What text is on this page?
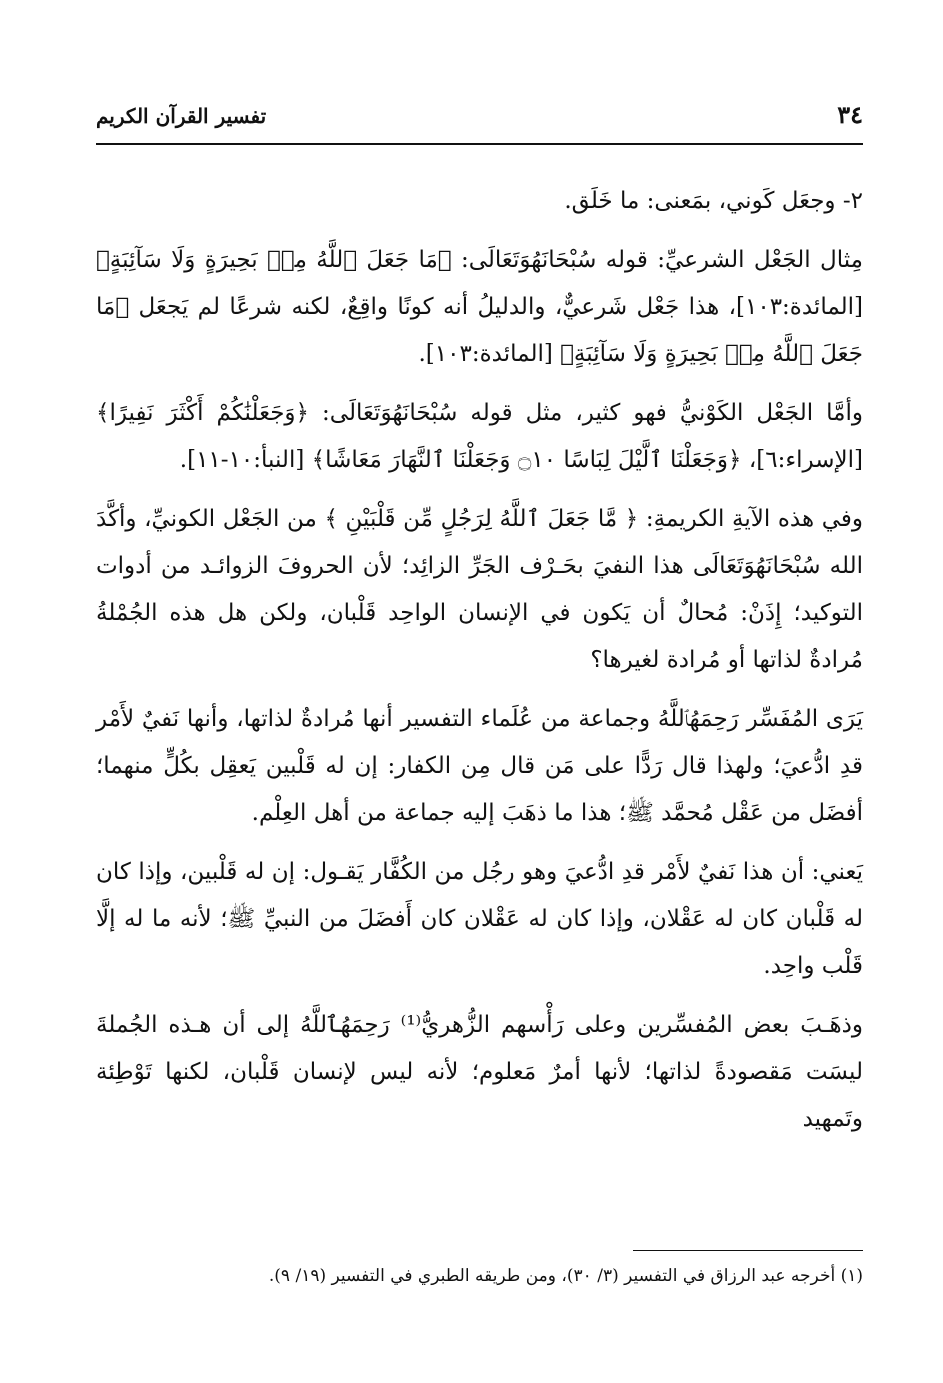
٣٤
تفسير القرآن الكريم

٢- وجعَل كَوني، بمَعنى: ما خَلَق.

مِثال الجَعْل الشرعيِّ: قوله سُبْحَانَهُوَتَعَالَى: ﴿مَا جَعَلَ ٱللَّهُ مِنۢ بَحِيرَةٍ وَلَا سَآئِبَةٍ﴾ [المائدة:١٠٣]، هذا جَعْل شَرعيٌّ، والدليلُ أنه كونًا واقِعٌ، لكنه شرعًا لم يَجعَل ﴿مَا جَعَلَ ٱللَّهُ مِنۢ بَحِيرَةٍ وَلَا سَآئِبَةٍ﴾ [المائدة:١٠٣].

وأمَّا الجَعْل الكَوْنيُّ فهو كثير، مثل قوله سُبْحَانَهُوَتَعَالَى: ﴿وَجَعَلْنَٰكُمْ أَكْثَرَ نَفِيرًا﴾ [الإسراء:٦]، ﴿وَجَعَلْنَا ٱلَّيْلَ لِبَاسًا ۝١٠ وَجَعَلْنَا ٱلنَّهَارَ مَعَاشًا﴾ [النبأ:١٠-١١].

وفي هذه الآيةِ الكريمةِ: ﴿ مَّا جَعَلَ ٱللَّهُ لِرَجُلٍ مِّن قَلْبَيْنِ ﴾ من الجَعْل الكونيِّ، وأكَّدَ الله سُبْحَانَهُوَتَعَالَى هذا النفيَ بحَـرْف الجَرِّ الزائِد؛ لأن الحروفَ الزوائـد من أدوات التوكيد؛ إِذَنْ: مُحالٌ أن يَكون في الإنسان الواحِد قَلْبان، ولكن هل هذه الجُمْلةُ مُرادةٌ لذاتها أو مُرادة لغيرها؟

يَرَى المُفَسِّر رَحِمَهُٱللَّهُ وجماعة من عُلَماء التفسير أنها مُرادةٌ لذاتها، وأنها نَفيٌ لأَمْر قدِ ادُّعيَ؛ ولهذا قال رَدًّا على مَن قال مِن الكفار: إن له قَلْبين يَعقِل بكُلٍّ منهما؛ أفضَل من عَقْل مُحمَّد ﷺ؛ هذا ما ذهَبَ إليه جماعة من أهل العِلْم.

يَعني: أن هذا نَفيٌ لأَمْر قدِ ادُّعيَ وهو رجُل من الكُفَّار يَقـول: إن له قَلْبين، وإذا كان له قَلْبان كان له عَقْلان، وإذا كان له عَقْلان كان أَفضَلَ من النبيِّ ﷺ؛ لأنه ما له إلَّا قَلْب واحِد.

وذهَـبَ بعض المُفسِّرين وعلى رَأْسهم الزُّهريُّ⁽¹⁾ رَحِمَهُٱللَّهُ إلى أن هـذه الجُملةَ ليسَت مَقصودةً لذاتها؛ لأنها أمرٌ مَعلوم؛ لأنه ليس لإنسان قَلْبان، لكنها تَوْطِئة وتَمهيد

(١) أخرجه عبد الرزاق في التفسير (٣/ ٣٠)، ومن طريقه الطبري في التفسير (١٩/ ٩).
